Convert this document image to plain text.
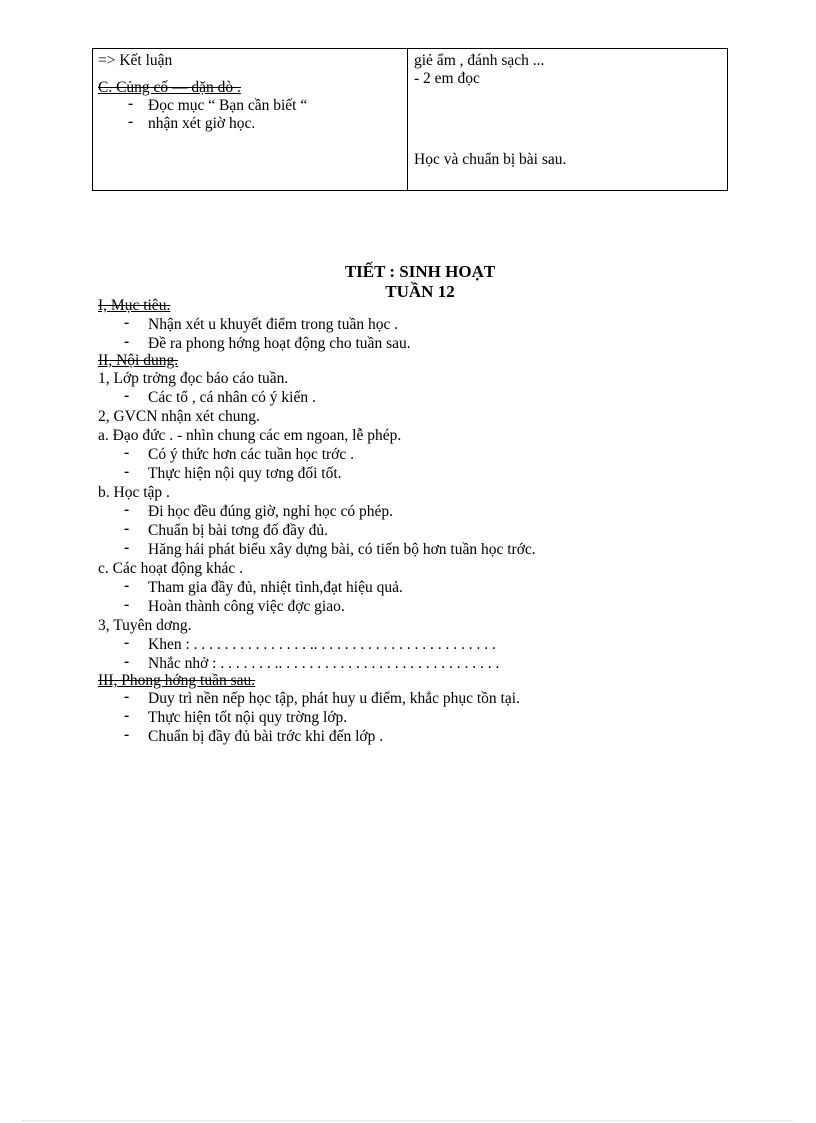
=> Kết luận
C. Củng cố — dặn dò .
- Đọc mục “ Bạn cần biết “
- nhận xét giờ học.
giẻ ẩm , đánh sạch ...
- 2 em đọc
Học và chuẩn bị bài sau.
TIẾT : SINH HOẠT
TUẦN 12
I, Mục tiêu.
- Nhận xét u khuyết điểm trong tuần học .
- Đề ra phong hớng hoạt động cho tuần sau.
II, Nội dung.
1, Lớp trởng đọc báo cáo tuần.
- Các tổ , cá nhân có ý kiến .
2, GVCN nhận xét chung.
a. Đạo đức . - nhìn chung các em ngoan, lễ phép.
- Có ý thức hơn các tuần học trớc .
- Thực hiện nội quy tơng đối tốt.
b. Học tập .
- Đi học đều đúng giờ, nghỉ học có phép.
- Chuẩn bị bài tơng đố đầy đủ.
- Hăng hái phát biểu xây dựng bài, có tiến bộ hơn tuần học trớc.
c. Các hoạt động khác .
- Tham gia đầy đủ, nhiệt tình,đạt hiệu quả.
- Hoàn thành công việc đợc giao.
3, Tuyên dơng.
- Khen : . . . . . . . . . . . . . . . .. . . . . . . . . . . . . . . . . . . . . . . .
- Nhắc nhở : . . . . . . . .. . . . . . . . . . . . . . . . . . . . . . . . . . . . .
III, Phong hớng tuần sau.
- Duy trì nền nếp học tập, phát huy u điểm, khắc phục tồn tại.
- Thực hiện tốt nội quy trờng lớp.
- Chuẩn bị đầy đủ bài trớc khi đến lớp .
